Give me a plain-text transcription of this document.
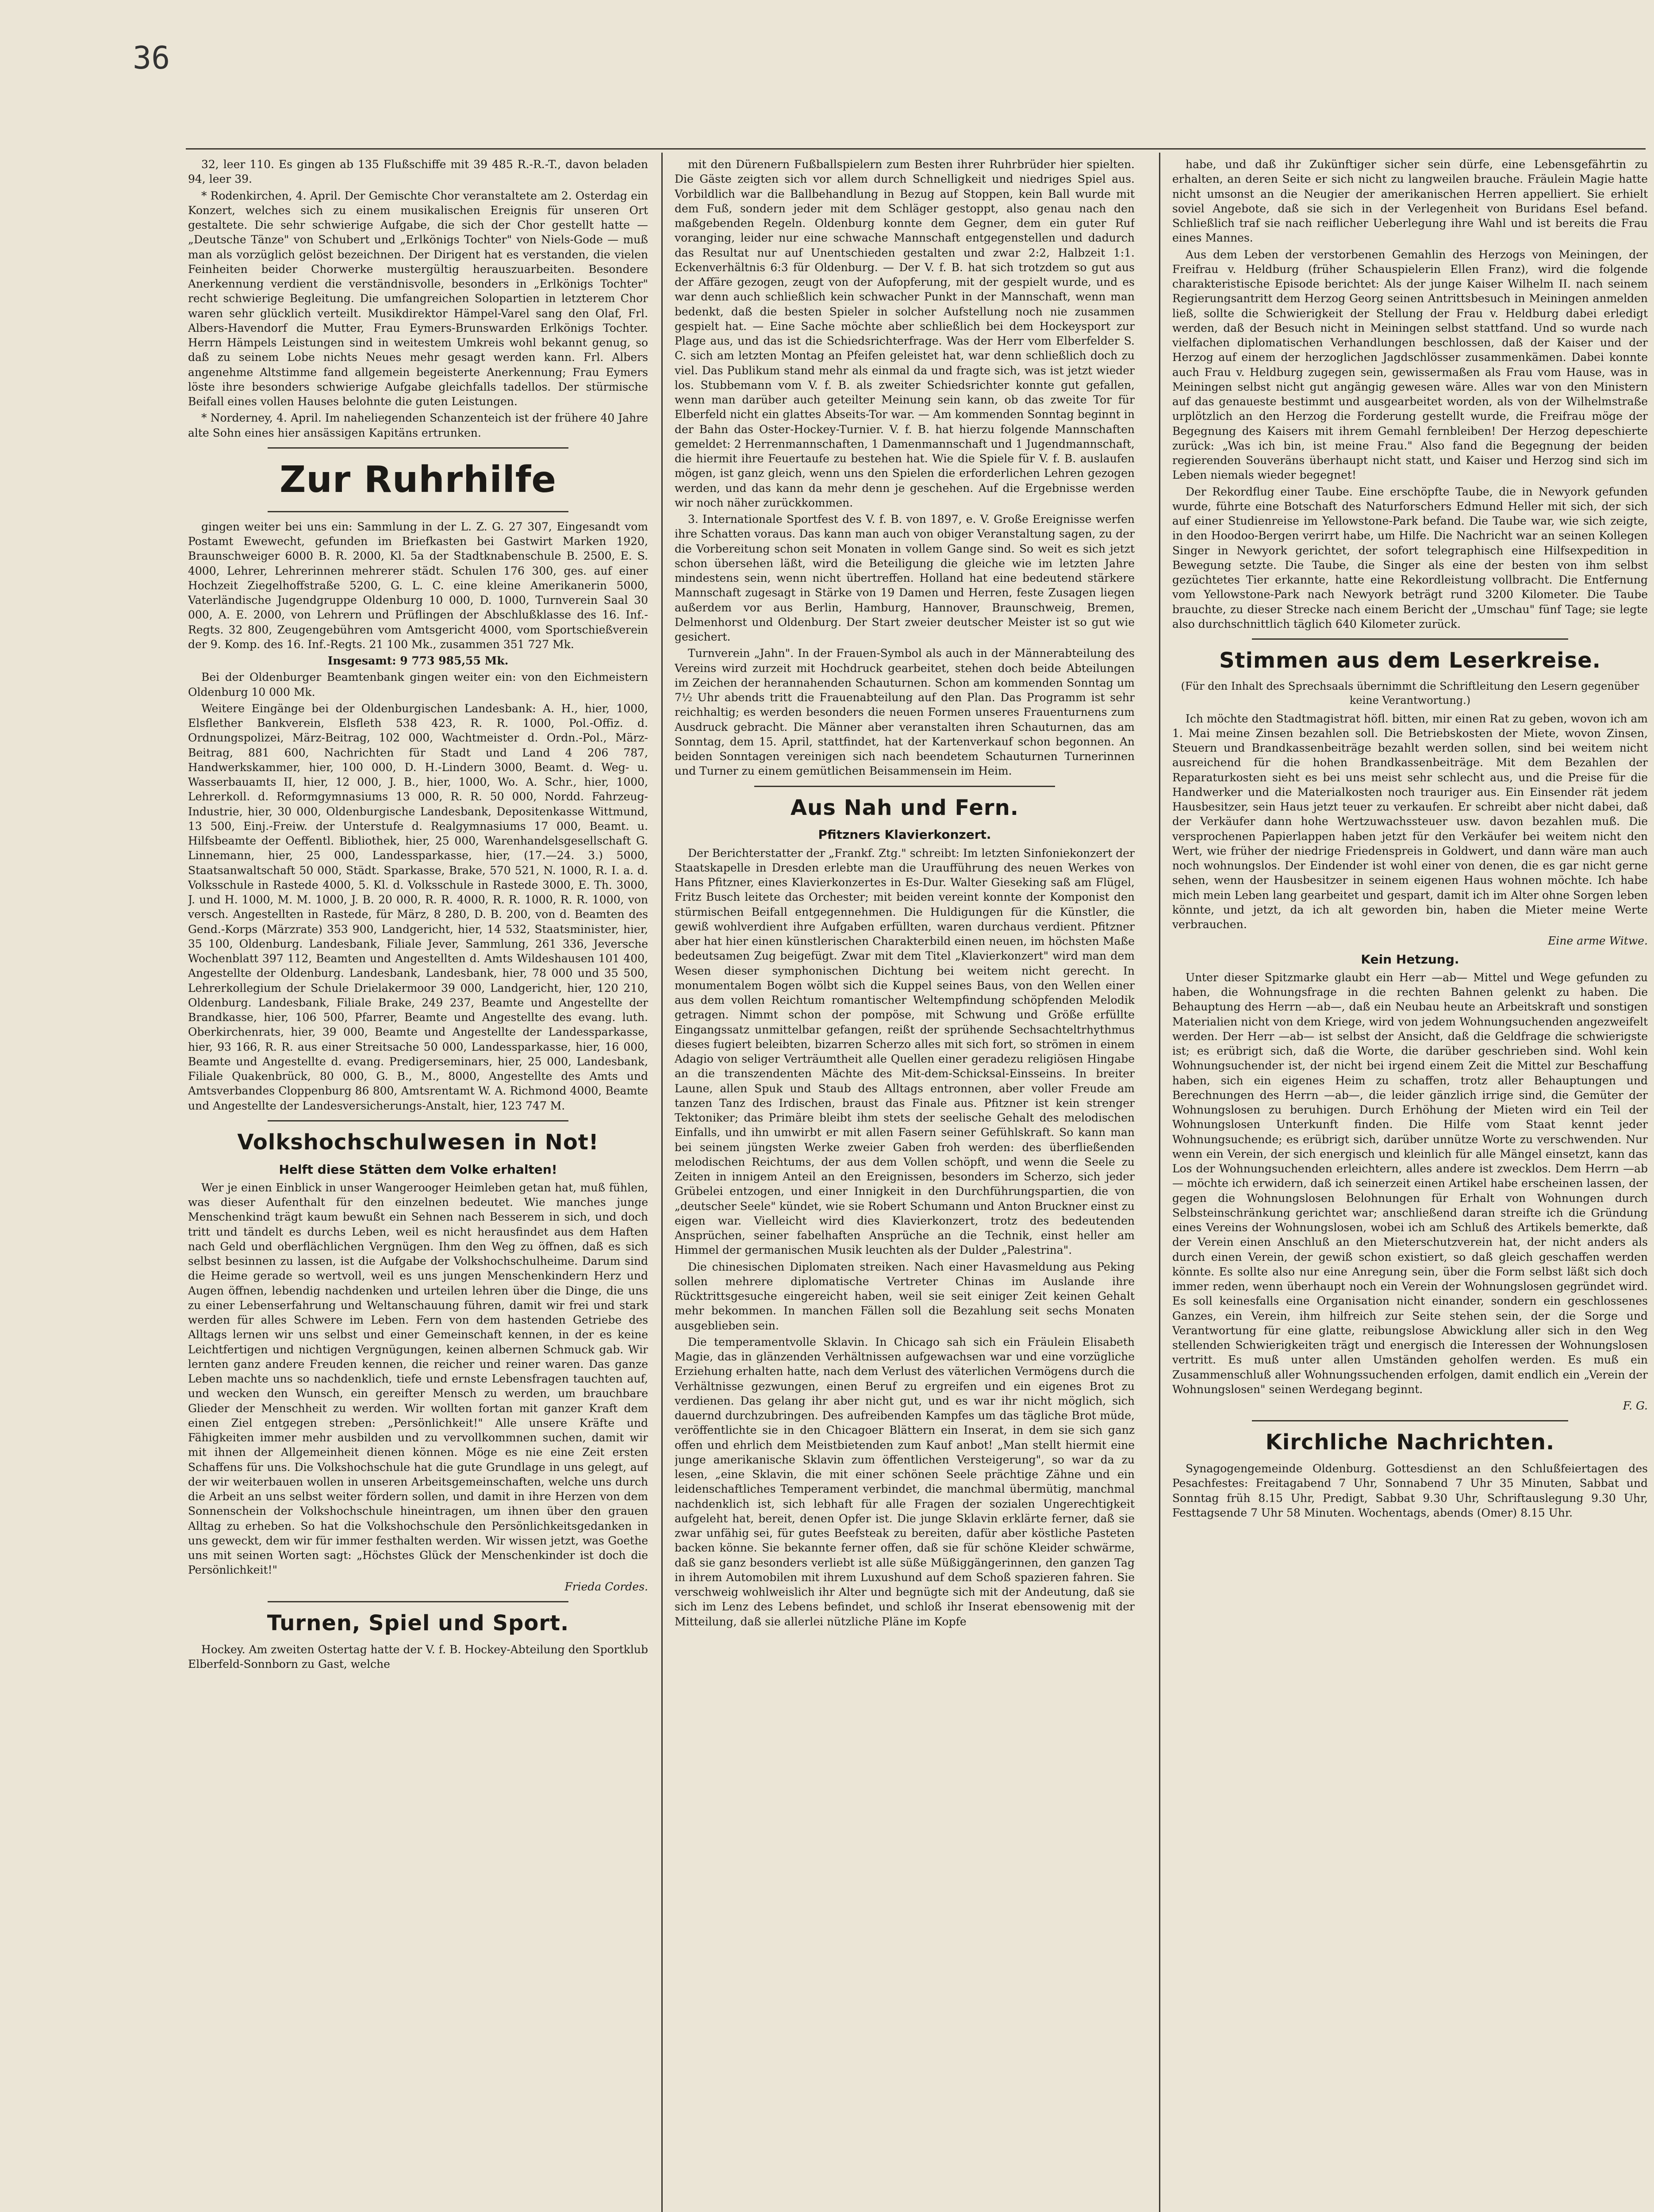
36

32, leer 110. Es gingen ab 135 Flußschiffe mit 39 485 R.-R.-T., davon beladen 94, leer 39.

* Rodenkirchen, 4. April. Der Gemischte Chor veranstaltete am 2. Osterdag ein Konzert, welches sich zu einem musikalischen Ereignis für unseren Ort gestaltete. Die sehr schwierige Aufgabe, die sich der Chor gestellt hatte — „Deutsche Tänze" von Schubert und „Erlkönigs Tochter" von Niels-Gode — muß man als vorzüglich gelöst bezeichnen. Der Dirigent hat es verstanden, die vielen Feinheiten beider Chorwerke mustergültig herauszuarbeiten. Besondere Anerkennung verdient die verständnisvolle, besonders in „Erlkönigs Tochter" recht schwierige Begleitung. Die umfangreichen Solopartien in letzterem Chor waren sehr glücklich verteilt. Musikdirektor Hämpel-Varel sang den Olaf, Frl. Albers-Havendorf die Mutter, Frau Eymers-Brunswarden Erlkönigs Tochter. Herrn Hämpels Leistungen sind in weitestem Umkreis wohl bekannt genug, so daß zu seinem Lobe nichts Neues mehr gesagt werden kann. Frl. Albers angenehme Altstimme fand allgemein begeisterte Anerkennung; Frau Eymers löste ihre besonders schwierige Aufgabe gleichfalls tadellos. Der stürmische Beifall eines vollen Hauses belohnte die guten Leistungen.

* Norderney, 4. April. Im naheliegenden Schanzenteich ist der frühere 40 Jahre alte Sohn eines hier ansässigen Kapitäns ertrunken.

Zur Ruhrhilfe

gingen weiter bei uns ein: Sammlung in der L. Z. G. 27 307, Eingesandt vom Postamt Ewewecht, gefunden im Briefkasten bei Gastwirt Marken 1920, Braunschweiger 6000 B. R. 2000, Kl. 5a der Stadtknabenschule B. 2500, E. S. 4000, Lehrer, Lehrerinnen mehrerer städt. Schulen 176 300, ges. auf einer Hochzeit Ziegelhoffstraße 5200, G. L. C. eine kleine Amerikanerin 5000, Vaterländische Jugendgruppe Oldenburg 10 000, D. 1000, Turnverein Saal 30 000, A. E. 2000, von Lehrern und Prüflingen der Abschlußklasse des 16. Inf.-Regts. 32 800, Zeugengebühren vom Amtsgericht 4000, vom Sportschießverein der 9. Komp. des 16. Inf.-Regts. 21 100 Mk., zusammen 351 727 Mk.

Insgesamt: 9 773 985,55 Mk.

Bei der Oldenburger Beamtenbank gingen weiter ein: von den Eichmeistern Oldenburg 10 000 Mk.

Weitere Eingänge bei der Oldenburgischen Landesbank: A. H., hier, 1000, Elsflether Bankverein, Elsfleth 538 423, R. R. 1000, Pol.-Offiz. d. Ordnungspolizei, März-Beitrag, 102 000, Wachtmeister d. Ordn.-Pol., März-Beitrag, 881 600, Nachrichten für Stadt und Land 4 206 787, Handwerkskammer, hier, 100 000, D. H.-Lindern 3000, Beamt. d. Weg- u. Wasserbauamts II, hier, 12 000, J. B., hier, 1000, Wo. A. Schr., hier, 1000, Lehrerkoll. d. Reformgymnasiums 13 000, R. R. 50 000, Nordd. Fahrzeug-Industrie, hier, 30 000, Oldenburgische Landesbank, Depositenkasse Wittmund, 13 500, Einj.-Freiw. der Unterstufe d. Realgymnasiums 17 000, Beamt. u. Hilfsbeamte der Oeffentl. Bibliothek, hier, 25 000, Warenhandelsgesellschaft G. Linnemann, hier, 25 000, Landessparkasse, hier, (17.—24. 3.) 5000, Staatsanwaltschaft 50 000, Städt. Sparkasse, Brake, 570 521, N. 1000, R. I. a. d. Volksschule in Rastede 4000, 5. Kl. d. Volksschule in Rastede 3000, E. Th. 3000, J. und H. 1000, M. M. 1000, J. B. 20 000, R. R. 4000, R. R. 1000, R. R. 1000, von versch. Angestellten in Rastede, für März, 8 280, D. B. 200, von d. Beamten des Gend.-Korps (Märzrate) 353 900, Landgericht, hier, 14 532, Staatsminister, hier, 35 100, Oldenburg. Landesbank, Filiale Jever, Sammlung, 261 336, Jeversche Wochenblatt 397 112, Beamten und Angestellten d. Amts Wildeshausen 101 400, Angestellte der Oldenburg. Landesbank, Landesbank, hier, 78 000 und 35 500, Lehrerkollegium der Schule Drielakermoor 39 000, Landgericht, hier, 120 210, Oldenburg. Landesbank, Filiale Brake, 249 237, Beamte und Angestellte der Brandkasse, hier, 106 500, Pfarrer, Beamte und Angestellte des evang. luth. Oberkirchenrats, hier, 39 000, Beamte und Angestellte der Landessparkasse, hier, 93 166, R. R. aus einer Streitsache 50 000, Landessparkasse, hier, 16 000, Beamte und Angestellte d. evang. Predigerseminars, hier, 25 000, Landesbank, Filiale Quakenbrück, 80 000, G. B., M., 8000, Angestellte des Amts und Amtsverbandes Cloppenburg 86 800, Amtsrentamt W. A. Richmond 4000, Beamte und Angestellte der Landesversicherungs-Anstalt, hier, 123 747 M.

Volkshochschulwesen in Not!
Helft diese Stätten dem Volke erhalten!

Wer je einen Einblick in unser Wangerooger Heimleben getan hat, muß fühlen, was dieser Aufenthalt für den einzelnen bedeutet. Wie manches junge Menschenkind trägt kaum bewußt ein Sehnen nach Besserem in sich, und doch tritt und tändelt es durchs Leben, weil es nicht herausfindet aus dem Haften nach Geld und oberflächlichen Vergnügen. Ihm den Weg zu öffnen, daß es sich selbst besinnen zu lassen, ist die Aufgabe der Volkshochschulheime. Darum sind die Heime gerade so wertvoll, weil es uns jungen Menschenkindern Herz und Augen öffnen, lebendig nachdenken und urteilen lehren über die Dinge, die uns zu einer Lebenserfahrung und Weltanschauung führen, damit wir frei und stark werden für alles Schwere im Leben. Fern von dem hastenden Getriebe des Alltags lernen wir uns selbst und einer Gemeinschaft kennen, in der es keine Leichtfertigen und nichtigen Vergnügungen, keinen albernen Schmuck gab. Wir lernten ganz andere Freuden kennen, die reicher und reiner waren. Das ganze Leben machte uns so nachdenklich, tiefe und ernste Lebensfragen tauchten auf, und wecken den Wunsch, ein gereifter Mensch zu werden, um brauchbare Glieder der Menschheit zu werden. Wir wollten fortan mit ganzer Kraft dem einen Ziel entgegen streben: „Persönlichkeit!" Alle unsere Kräfte und Fähigkeiten immer mehr ausbilden und zu vervollkommnen suchen, damit wir mit ihnen der Allgemeinheit dienen können. Möge es nie eine Zeit ersten Schaffens für uns. Die Volkshochschule hat die gute Grundlage in uns gelegt, auf der wir weiterbauen wollen in unseren Arbeitsgemeinschaften, welche uns durch die Arbeit an uns selbst weiter fördern sollen, und damit in ihre Herzen von dem Sonnenschein der Volkshochschule hineintragen, um ihnen über den grauen Alltag zu erheben. So hat die Volkshochschule den Persönlichkeitsgedanken in uns geweckt, dem wir für immer festhalten werden. Wir wissen jetzt, was Goethe uns mit seinen Worten sagt: „Höchstes Glück der Menschenkinder ist doch die Persönlichkeit!"

Frieda Cordes.
Turnen, Spiel und Sport.

Hockey. Am zweiten Ostertag hatte der V. f. B. Hockey-Abteilung den Sportklub Elberfeld-Sonnborn zu Gast, welche

mit den Dürenern Fußballspielern zum Besten ihrer Ruhrbrüder hier spielten. Die Gäste zeigten sich vor allem durch Schnelligkeit und niedriges Spiel aus. Vorbildlich war die Ballbehandlung in Bezug auf Stoppen, kein Ball wurde mit dem Fuß, sondern jeder mit dem Schläger gestoppt, also genau nach den maßgebenden Regeln. Oldenburg konnte dem Gegner, dem ein guter Ruf voranging, leider nur eine schwache Mannschaft entgegenstellen und dadurch das Resultat nur auf Unentschieden gestalten und zwar 2:2, Halbzeit 1:1. Eckenverhältnis 6:3 für Oldenburg. — Der V. f. B. hat sich trotzdem so gut aus der Affäre gezogen, zeugt von der Aufopferung, mit der gespielt wurde, und es war denn auch schließlich kein schwacher Punkt in der Mannschaft, wenn man bedenkt, daß die besten Spieler in solcher Aufstellung noch nie zusammen gespielt hat. — Eine Sache möchte aber schließlich bei dem Hockeysport zur Plage aus, und das ist die Schiedsrichterfrage. Was der Herr vom Elberfelder S. C. sich am letzten Montag an Pfeifen geleistet hat, war denn schließlich doch zu viel. Das Publikum stand mehr als einmal da und fragte sich, was ist jetzt wieder los. Stubbemann vom V. f. B. als zweiter Schiedsrichter konnte gut gefallen, wenn man darüber auch geteilter Meinung sein kann, ob das zweite Tor für Elberfeld nicht ein glattes Abseits-Tor war. — Am kommenden Sonntag beginnt in der Bahn das Oster-Hockey-Turnier. V. f. B. hat hierzu folgende Mannschaften gemeldet: 2 Herrenmannschaften, 1 Damenmannschaft und 1 Jugendmannschaft, die hiermit ihre Feuertaufe zu bestehen hat. Wie die Spiele für V. f. B. auslaufen mögen, ist ganz gleich, wenn uns den Spielen die erforderlichen Lehren gezogen werden, und das kann da mehr denn je geschehen. Auf die Ergebnisse werden wir noch näher zurückkommen.

3. Internationale Sportfest des V. f. B. von 1897, e. V. Große Ereignisse werfen ihre Schatten voraus. Das kann man auch von obiger Veranstaltung sagen, zu der die Vorbereitung schon seit Monaten in vollem Gange sind. So weit es sich jetzt schon übersehen läßt, wird die Beteiligung die gleiche wie im letzten Jahre mindestens sein, wenn nicht übertreffen. Holland hat eine bedeutend stärkere Mannschaft zugesagt in Stärke von 19 Damen und Herren, feste Zusagen liegen außerdem vor aus Berlin, Hamburg, Hannover, Braunschweig, Bremen, Delmenhorst und Oldenburg. Der Start zweier deutscher Meister ist so gut wie gesichert.

Turnverein „Jahn". In der Frauen-Symbol als auch in der Männerabteilung des Vereins wird zurzeit mit Hochdruck gearbeitet, stehen doch beide Abteilungen im Zeichen der herannahenden Schauturnen. Schon am kommenden Sonntag um 7½ Uhr abends tritt die Frauenabteilung auf den Plan. Das Programm ist sehr reichhaltig; es werden besonders die neuen Formen unseres Frauenturnens zum Ausdruck gebracht. Die Männer aber veranstalten ihren Schauturnen, das am Sonntag, dem 15. April, stattfindet, hat der Kartenverkauf schon begonnen. An beiden Sonntagen vereinigen sich nach beendetem Schauturnen Turnerinnen und Turner zu einem gemütlichen Beisammensein im Heim.

Aus Nah und Fern.
Pfitzners Klavierkonzert.

Der Berichterstatter der „Frankf. Ztg." schreibt: Im letzten Sinfoniekonzert der Staatskapelle in Dresden erlebte man die Uraufführung des neuen Werkes von Hans Pfitzner, eines Klavierkonzertes in Es-Dur. Walter Gieseking saß am Flügel, Fritz Busch leitete das Orchester; mit beiden vereint konnte der Komponist den stürmischen Beifall entgegennehmen. Die Huldigungen für die Künstler, die gewiß wohlverdient ihre Aufgaben erfüllten, waren durchaus verdient. Pfitzner aber hat hier einen künstlerischen Charakterbild einen neuen, im höchsten Maße bedeutsamen Zug beigefügt. Zwar mit dem Titel „Klavierkonzert" wird man dem Wesen dieser symphonischen Dichtung bei weitem nicht gerecht. In monumentalem Bogen wölbt sich die Kuppel seines Baus, von den Wellen einer aus dem vollen Reichtum romantischer Weltempfindung schöpfenden Melodik getragen. Nimmt schon der pompöse, mit Schwung und Größe erfüllte Eingangssatz unmittelbar gefangen, reißt der sprühende Sechsachteltrhythmus dieses fugiert beleibten, bizarren Scherzo alles mit sich fort, so strömen in einem Adagio von seliger Verträumtheit alle Quellen einer geradezu religiösen Hingabe an die transzendenten Mächte des Mit-dem-Schicksal-Einsseins. In breiter Laune, allen Spuk und Staub des Alltags entronnen, aber voller Freude am tanzen Tanz des Irdischen, braust das Finale aus. Pfitzner ist kein strenger Tektoniker; das Primäre bleibt ihm stets der seelische Gehalt des melodischen Einfalls, und ihn umwirbt er mit allen Fasern seiner Gefühlskraft. So kann man bei seinem jüngsten Werke zweier Gaben froh werden: des überfließenden melodischen Reichtums, der aus dem Vollen schöpft, und wenn die Seele zu Zeiten in innigem Anteil an den Ereignissen, besonders im Scherzo, sich jeder Grübelei entzogen, und einer Innigkeit in den Durchführungspartien, die von „deutscher Seele" kündet, wie sie Robert Schumann und Anton Bruckner einst zu eigen war. Vielleicht wird dies Klavierkonzert, trotz des bedeutenden Ansprüchen, seiner fabelhaften Ansprüche an die Technik, einst heller am Himmel der germanischen Musik leuchten als der Dulder „Palestrina".

Die chinesischen Diplomaten streiken. Nach einer Havasmeldung aus Peking sollen mehrere diplomatische Vertreter Chinas im Auslande ihre Rücktrittsgesuche eingereicht haben, weil sie seit einiger Zeit keinen Gehalt mehr bekommen. In manchen Fällen soll die Bezahlung seit sechs Monaten ausgeblieben sein.

Die temperamentvolle Sklavin. In Chicago sah sich ein Fräulein Elisabeth Magie, das in glänzenden Verhältnissen aufgewachsen war und eine vorzügliche Erziehung erhalten hatte, nach dem Verlust des väterlichen Vermögens durch die Verhältnisse gezwungen, einen Beruf zu ergreifen und ein eigenes Brot zu verdienen. Das gelang ihr aber nicht gut, und es war ihr nicht möglich, sich dauernd durchzubringen. Des aufreibenden Kampfes um das tägliche Brot müde, veröffentlichte sie in den Chicagoer Blättern ein Inserat, in dem sie sich ganz offen und ehrlich dem Meistbietenden zum Kauf anbot! „Man stellt hiermit eine junge amerikanische Sklavin zum öffentlichen Versteigerung", so war da zu lesen, „eine Sklavin, die mit einer schönen Seele prächtige Zähne und ein leidenschaftliches Temperament verbindet, die manchmal übermütig, manchmal nachdenklich ist, sich lebhaft für alle Fragen der sozialen Ungerechtigkeit aufgeleht hat, bereit, denen Opfer ist. Die junge Sklavin erklärte ferner, daß sie zwar unfähig sei, für gutes Beefsteak zu bereiten, dafür aber köstliche Pasteten backen könne. Sie bekannte ferner offen, daß sie für schöne Kleider schwärme, daß sie ganz besonders verliebt ist alle süße Müßiggängerinnen, den ganzen Tag in ihrem Automobilen mit ihrem Luxushund auf dem Schoß spazieren fahren. Sie verschweig wohlweislich ihr Alter und begnügte sich mit der Andeutung, daß sie sich im Lenz des Lebens befindet, und schloß ihr Inserat ebensowenig mit der Mitteilung, daß sie allerlei nützliche Pläne im Kopfe

habe, und daß ihr Zukünftiger sicher sein dürfe, eine Lebensgefährtin zu erhalten, an deren Seite er sich nicht zu langweilen brauche. Fräulein Magie hatte nicht umsonst an die Neugier der amerikanischen Herren appelliert. Sie erhielt soviel Angebote, daß sie sich in der Verlegenheit von Buridans Esel befand. Schließlich traf sie nach reiflicher Ueberlegung ihre Wahl und ist bereits die Frau eines Mannes.

Aus dem Leben der verstorbenen Gemahlin des Herzogs von Meiningen, der Freifrau v. Heldburg (früher Schauspielerin Ellen Franz), wird die folgende charakteristische Episode berichtet: Als der junge Kaiser Wilhelm II. nach seinem Regierungsantritt dem Herzog Georg seinen Antrittsbesuch in Meiningen anmelden ließ, sollte die Schwierigkeit der Stellung der Frau v. Heldburg dabei erledigt werden, daß der Besuch nicht in Meiningen selbst stattfand. Und so wurde nach vielfachen diplomatischen Verhandlungen beschlossen, daß der Kaiser und der Herzog auf einem der herzoglichen Jagdschlösser zusammenkämen. Dabei konnte auch Frau v. Heldburg zugegen sein, gewissermaßen als Frau vom Hause, was in Meiningen selbst nicht gut angängig gewesen wäre. Alles war von den Ministern auf das genaueste bestimmt und ausgearbeitet worden, als von der Wilhelmstraße urplötzlich an den Herzog die Forderung gestellt wurde, die Freifrau möge der Begegnung des Kaisers mit ihrem Gemahl fernbleiben! Der Herzog depeschierte zurück: „Was ich bin, ist meine Frau." Also fand die Begegnung der beiden regierenden Souveräns überhaupt nicht statt, und Kaiser und Herzog sind sich im Leben niemals wieder begegnet!

Der Rekordflug einer Taube. Eine erschöpfte Taube, die in Newyork gefunden wurde, führte eine Botschaft des Naturforschers Edmund Heller mit sich, der sich auf einer Studienreise im Yellowstone-Park befand. Die Taube war, wie sich zeigte, in den Hoodoo-Bergen verirrt habe, um Hilfe. Die Nachricht war an seinen Kollegen Singer in Newyork gerichtet, der sofort telegraphisch eine Hilfsexpedition in Bewegung setzte. Die Taube, die Singer als eine der besten von ihm selbst gezüchtetes Tier erkannte, hatte eine Rekordleistung vollbracht. Die Entfernung vom Yellowstone-Park nach Newyork beträgt rund 3200 Kilometer. Die Taube brauchte, zu dieser Strecke nach einem Bericht der „Umschau" fünf Tage; sie legte also durchschnittlich täglich 640 Kilometer zurück.

Stimmen aus dem Leserkreise.
(Für den Inhalt des Sprechsaals übernimmt die Schriftleitung den Lesern gegenüber keine Verantwortung.)

Ich möchte den Stadtmagistrat höfl. bitten, mir einen Rat zu geben, wovon ich am 1. Mai meine Zinsen bezahlen soll. Die Betriebskosten der Miete, wovon Zinsen, Steuern und Brandkassenbeiträge bezahlt werden sollen, sind bei weitem nicht ausreichend für die hohen Brandkassenbeiträge. Mit dem Bezahlen der Reparaturkosten sieht es bei uns meist sehr schlecht aus, und die Preise für die Handwerker und die Materialkosten noch trauriger aus. Ein Einsender rät jedem Hausbesitzer, sein Haus jetzt teuer zu verkaufen. Er schreibt aber nicht dabei, daß der Verkäufer dann hohe Wertzuwachssteuer usw. davon bezahlen muß. Die versprochenen Papierlappen haben jetzt für den Verkäufer bei weitem nicht den Wert, wie früher der niedrige Friedenspreis in Goldwert, und dann wäre man auch noch wohnungslos. Der Eindender ist wohl einer von denen, die es gar nicht gerne sehen, wenn der Hausbesitzer in seinem eigenen Haus wohnen möchte. Ich habe mich mein Leben lang gearbeitet und gespart, damit ich im Alter ohne Sorgen leben könnte, und jetzt, da ich alt geworden bin, haben die Mieter meine Werte verbrauchen.

Eine arme Witwe.
Kein Hetzung.

Unter dieser Spitzmarke glaubt ein Herr —ab— Mittel und Wege gefunden zu haben, die Wohnungsfrage in die rechten Bahnen gelenkt zu haben. Die Behauptung des Herrn —ab—, daß ein Neubau heute an Arbeitskraft und sonstigen Materialien nicht von dem Kriege, wird von jedem Wohnungsuchenden angezweifelt werden. Der Herr —ab— ist selbst der Ansicht, daß die Geldfrage die schwierigste ist; es erübrigt sich, daß die Worte, die darüber geschrieben sind. Wohl kein Wohnungsuchender ist, der nicht bei irgend einem Zeit die Mittel zur Beschaffung haben, sich ein eigenes Heim zu schaffen, trotz aller Behauptungen und Berechnungen des Herrn —ab—, die leider gänzlich irrige sind, die Gemüter der Wohnungslosen zu beruhigen. Durch Erhöhung der Mieten wird ein Teil der Wohnungslosen Unterkunft finden. Die Hilfe vom Staat kennt jeder Wohnungsuchende; es erübrigt sich, darüber unnütze Worte zu verschwenden. Nur wenn ein Verein, der sich energisch und kleinlich für alle Mängel einsetzt, kann das Los der Wohnungsuchenden erleichtern, alles andere ist zwecklos. Dem Herrn —ab— möchte ich erwidern, daß ich seinerzeit einen Artikel habe erscheinen lassen, der gegen die Wohnungslosen Belohnungen für Erhalt von Wohnungen durch Selbsteinschränkung gerichtet war; anschließend daran streifte ich die Gründung eines Vereins der Wohnungslosen, wobei ich am Schluß des Artikels bemerkte, daß der Verein einen Anschluß an den Mieterschutzverein hat, der nicht anders als durch einen Verein, der gewiß schon existiert, so daß gleich geschaffen werden könnte. Es sollte also nur eine Anregung sein, über die Form selbst läßt sich doch immer reden, wenn überhaupt noch ein Verein der Wohnungslosen gegründet wird. Es soll keinesfalls eine Organisation nicht einander, sondern ein geschlossenes Ganzes, ein Verein, ihm hilfreich zur Seite stehen sein, der die Sorge und Verantwortung für eine glatte, reibungslose Abwicklung aller sich in den Weg stellenden Schwierigkeiten trägt und energisch die Interessen der Wohnungslosen vertritt. Es muß unter allen Umständen geholfen werden. Es muß ein Zusammenschluß aller Wohnungssuchenden erfolgen, damit endlich ein „Verein der Wohnungslosen" seinen Werdegang beginnt.

F. G.
Kirchliche Nachrichten.

Synagogengemeinde Oldenburg. Gottesdienst an den Schlußfeiertagen des Pesachfestes: Freitagabend 7 Uhr, Sonnabend 7 Uhr 35 Minuten, Sabbat und Sonntag früh 8.15 Uhr, Predigt, Sabbat 9.30 Uhr, Schriftauslegung 9.30 Uhr, Festtagsende 7 Uhr 58 Minuten. Wochentags, abends (Omer) 8.15 Uhr.
